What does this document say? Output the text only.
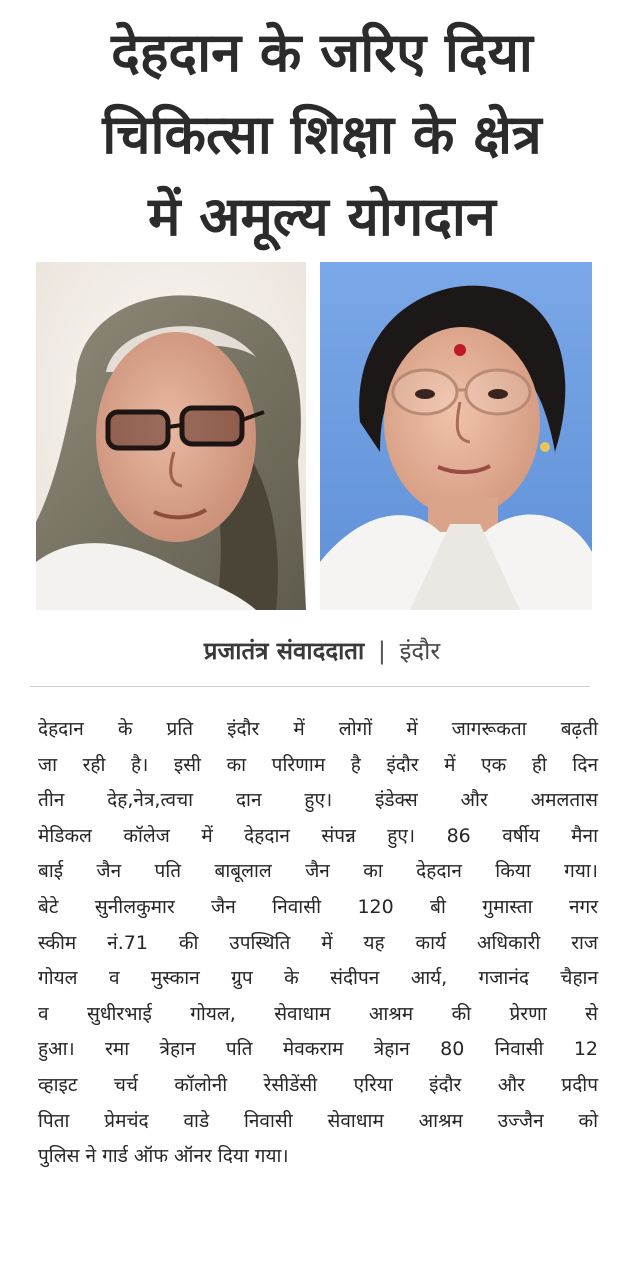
देहदान के जरिए दिया
चिकित्सा शिक्षा के क्षेत्र
में अमूल्य योगदान
प्रजातंत्र संवाददाता | इंदौर
देहदान के प्रति इंदौर में लोगों में जागरूकता बढ़ती
जा रही है। इसी का परिणाम है इंदौर में एक ही दिन
तीन देह,नेत्र,त्वचा दान हुए। इंडेक्स और अमलतास
मेडिकल कॉलेज में देहदान संपन्न हुए। 86 वर्षीय मैना
बाई जैन पति बाबूलाल जैन का देहदान किया गया।
बेटे सुनीलकुमार जैन निवासी 120 बी गुमास्ता नगर
स्कीम नं.71 की उपस्थिति में यह कार्य अधिकारी राज
गोयल व मुस्कान ग्रुप के संदीपन आर्य, गजानंद चैहान
व सुधीरभाई गोयल, सेवाधाम आश्रम की प्रेरणा से
हुआ। रमा त्रेहान पति मेवकराम त्रेहान 80 निवासी 12
व्हाइट चर्च कॉलोनी रेसीडेंसी एरिया इंदौर और प्रदीप
पिता प्रेमचंद वाडे निवासी सेवाधाम आश्रम उज्जैन को
पुलिस ने गार्ड ऑफ ऑनर दिया गया।
